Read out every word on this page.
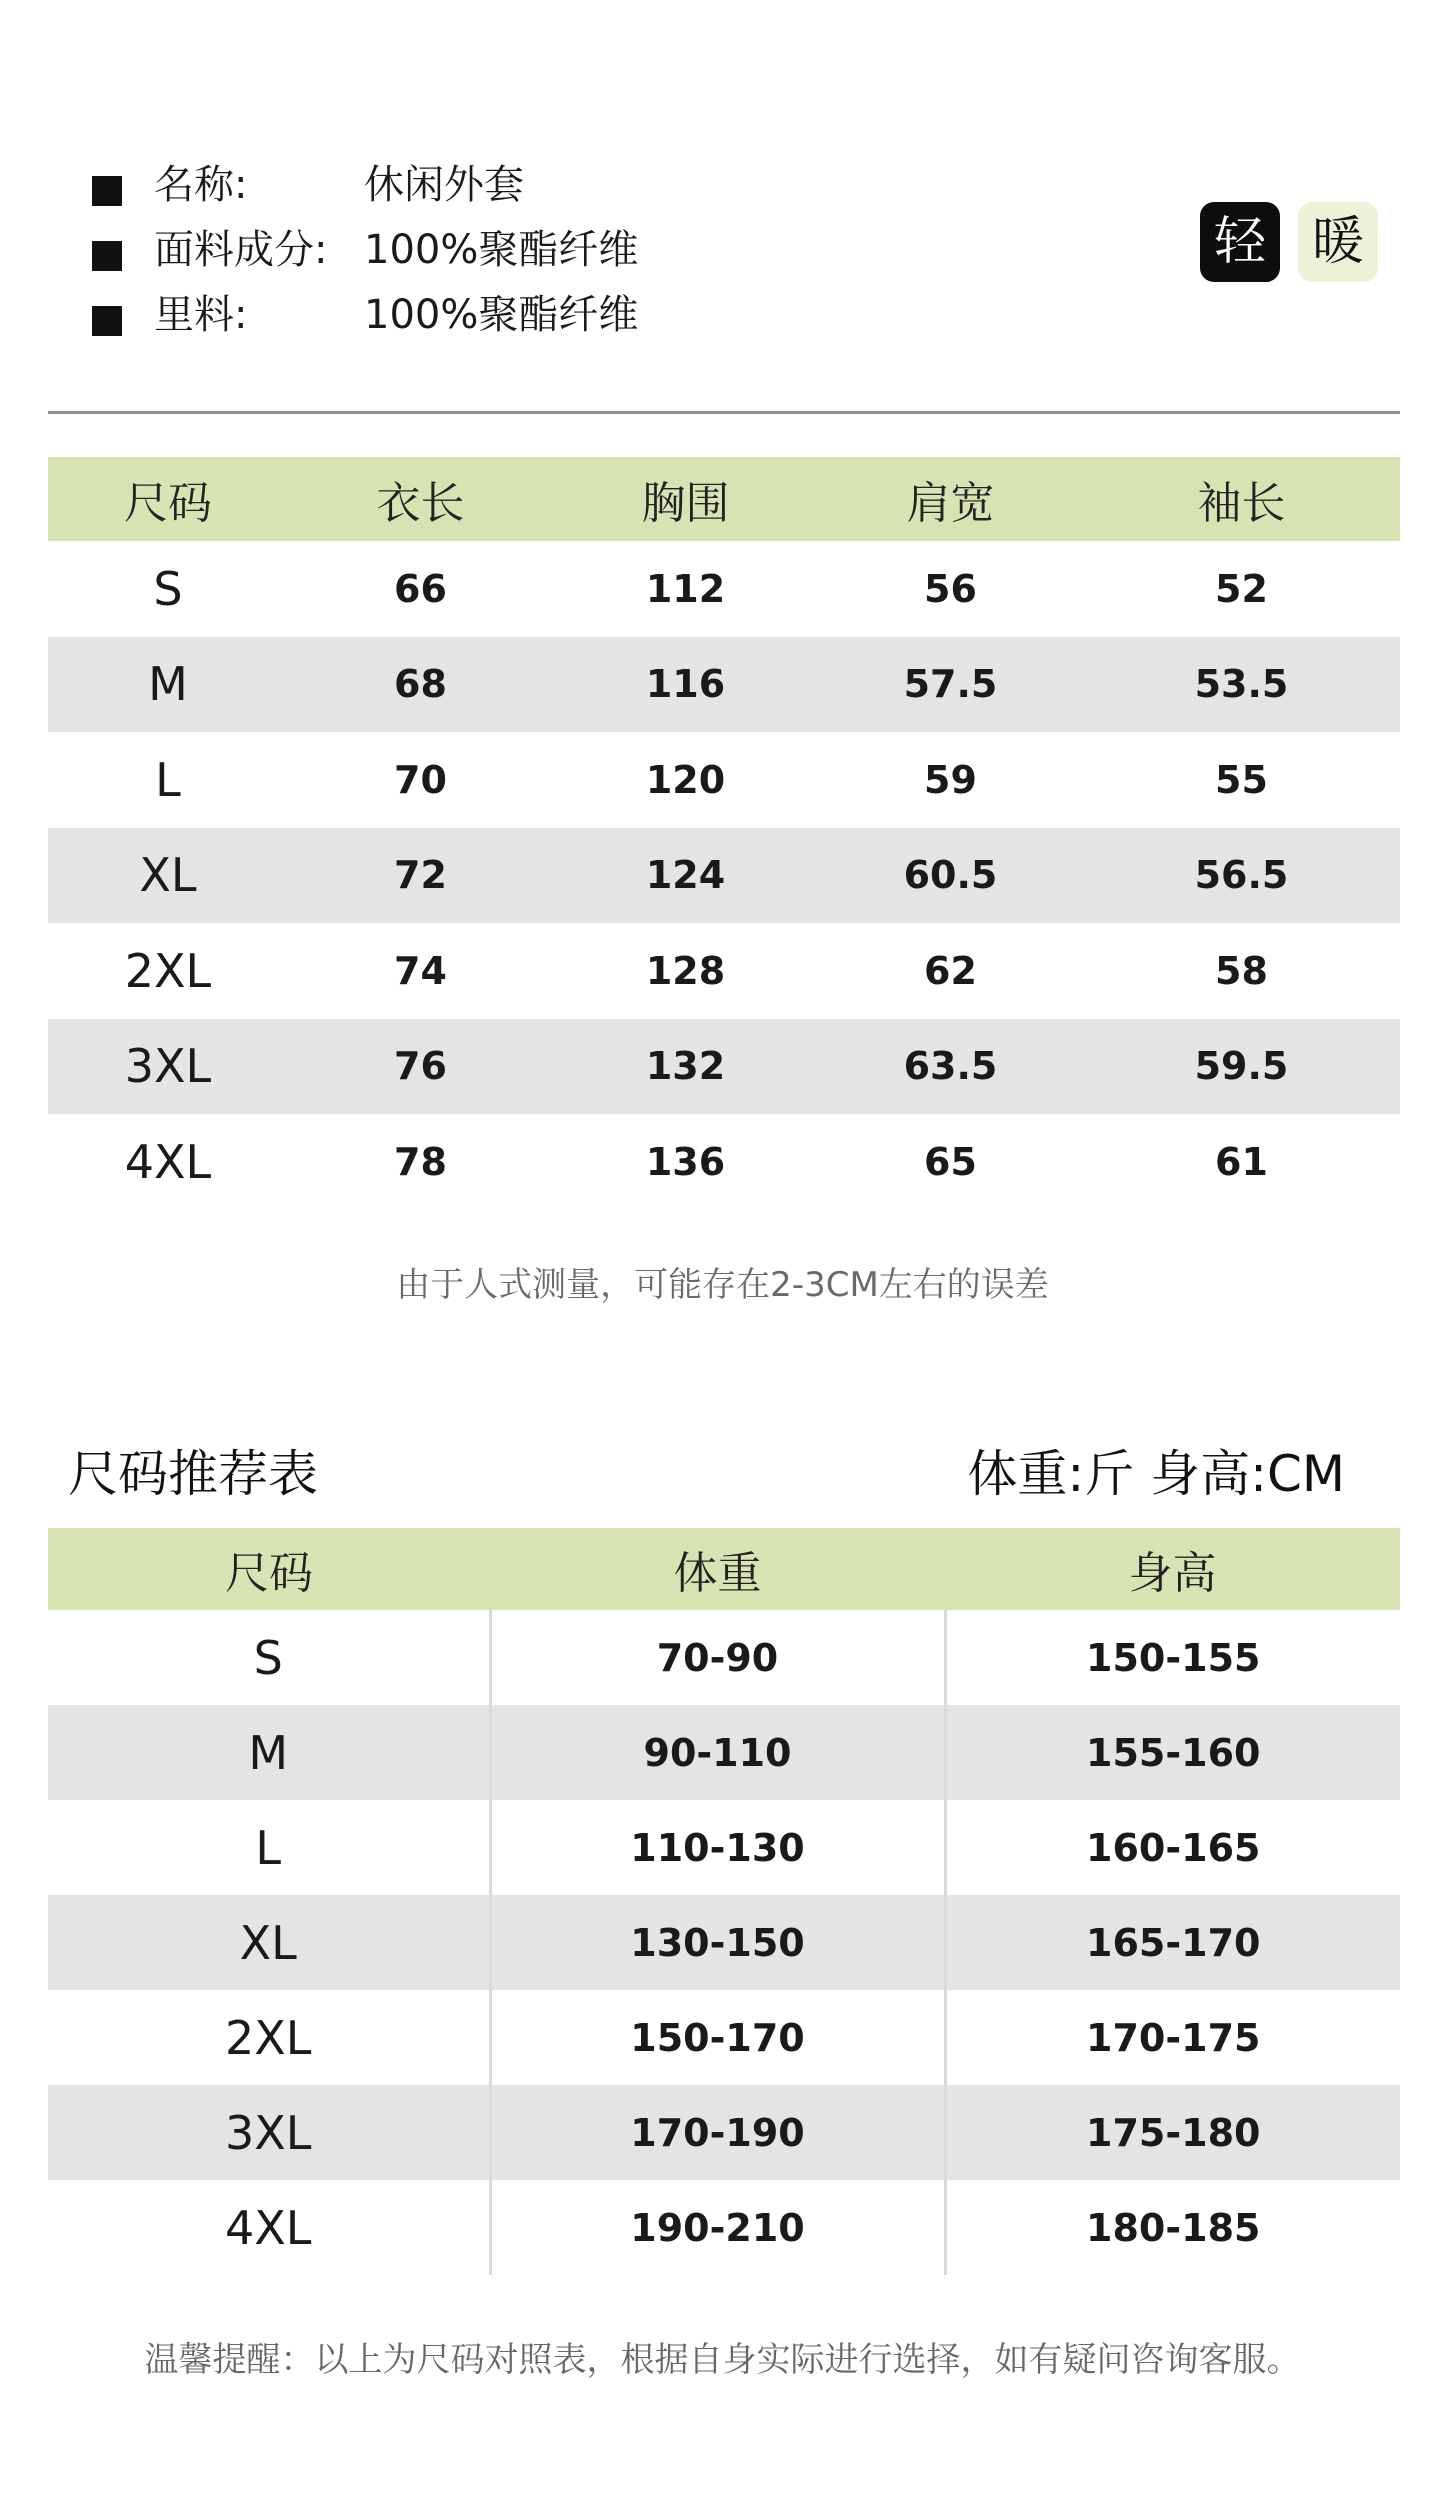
名称:	休闲外套
面料成分: 100%聚酯纤维
里料:	100%聚酯纤维
轻 暖
尺码	衣长	胸围	肩宽	袖长
S	66	112	56	52
M	68	116	57.5	53.5
L	70	120	59	55
XL	72	124	60.5	56.5
2XL	74	128	62	58
3XL	76	132	63.5	59.5
4XL	78	136	65	61
由于人式测量，可能存在2-3CM左右的误差
尺码推荐表	体重:斤 身高:CM
尺码	体重	身高
S	70-90	150-155
M	90-110	155-160
L	110-130	160-165
XL	130-150	165-170
2XL	150-170	170-175
3XL	170-190	175-180
4XL	190-210	180-185
温馨提醒：以上为尺码对照表，根据自身实际进行选择，如有疑问咨询客服。
